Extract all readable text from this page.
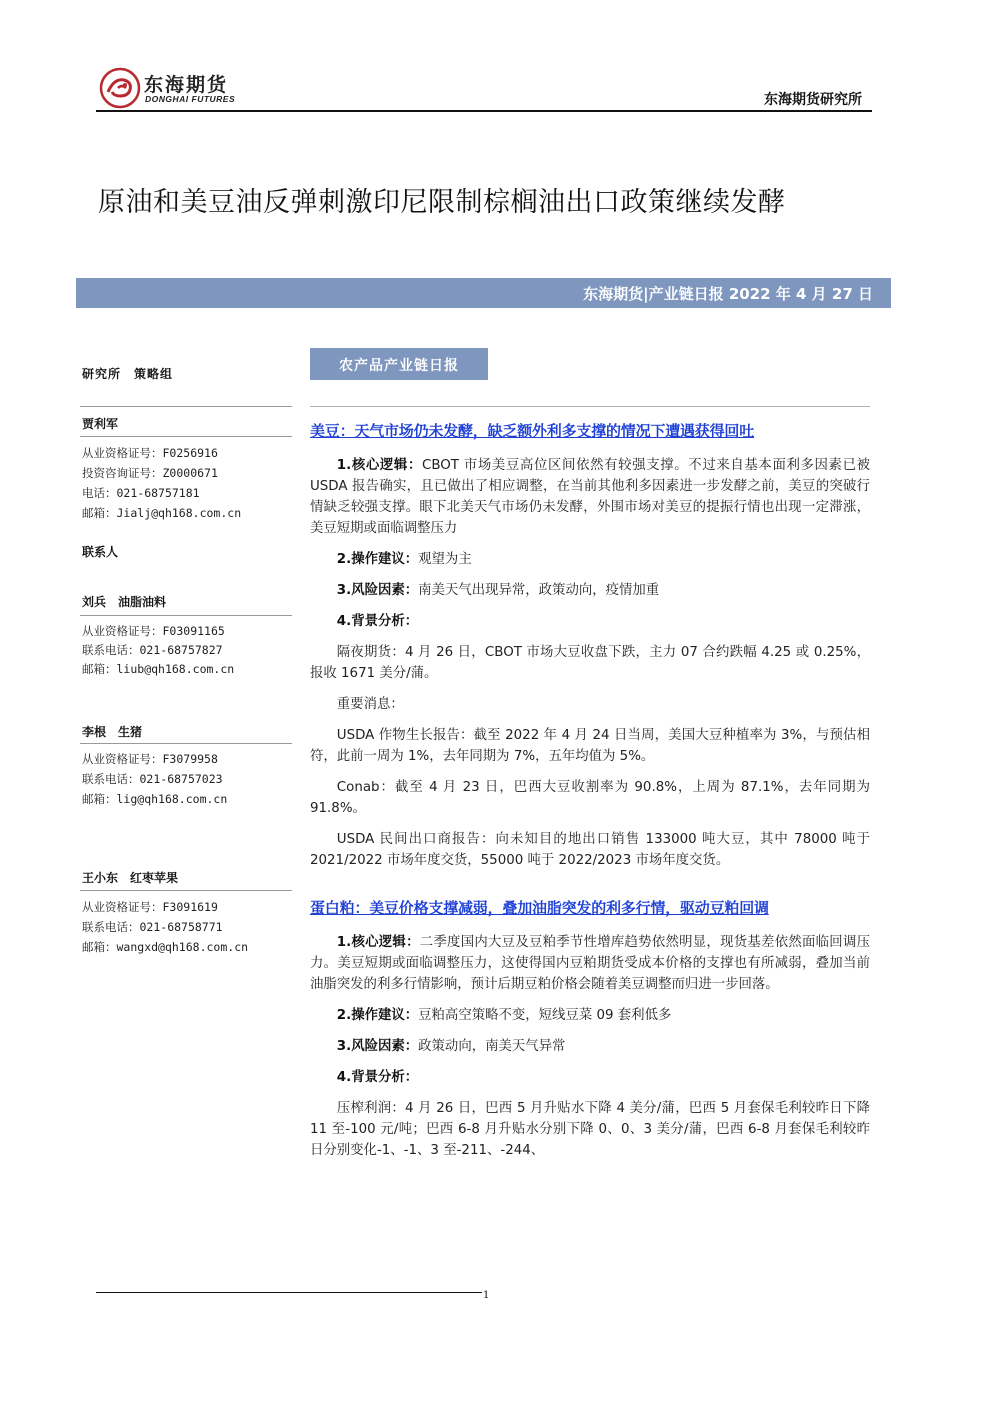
东海期货
DONGHAI FUTURES	东海期货研究所
原油和美豆油反弹刺激印尼限制棕榈油出口政策继续发酵
东海期货|产业链日报 2022 年 4 月 27 日
研究所　策略组
贾利军
从业资格证号：F0256916
投资咨询证号：Z0000671
电话：021-68757181
邮箱：Jialj@qh168.com.cn
联系人
刘兵　油脂油料
从业资格证号：F03091165
联系电话：021-68757827
邮箱：liub@qh168.com.cn
李根　生猪
从业资格证号：F3079958
联系电话：021-68757023
邮箱：lig@qh168.com.cn
王小东　红枣苹果
从业资格证号：F3091619
联系电话：021-68758771
邮箱：wangxd@qh168.com.cn
农产品产业链日报
美豆：天气市场仍未发酵，缺乏额外利多支撑的情况下遭遇获得回吐

1.核心逻辑：CBOT 市场美豆高位区间依然有较强支撑。不过来自基本面利多因素已被 USDA 报告确实，且已做出了相应调整，在当前其他利多因素进一步发酵之前，美豆的突破行情缺乏较强支撑。眼下北美天气市场仍未发酵，外围市场对美豆的提振行情也出现一定滞涨，美豆短期或面临调整压力

2.操作建议：观望为主

3.风险因素：南美天气出现异常，政策动向，疫情加重

4.背景分析：

隔夜期货：4 月 26 日，CBOT 市场大豆收盘下跌，主力 07 合约跌幅 4.25 或 0.25%，报收 1671 美分/蒲。

重要消息：

USDA 作物生长报告：截至 2022 年 4 月 24 日当周，美国大豆种植率为 3%，与预估相符，此前一周为 1%，去年同期为 7%，五年均值为 5%。

Conab：截至 4 月 23 日，巴西大豆收割率为 90.8%，上周为 87.1%，去年同期为 91.8%。

USDA 民间出口商报告：向未知目的地出口销售 133000 吨大豆，其中 78000 吨于 2021/2022 市场年度交货，55000 吨于 2022/2023 市场年度交货。

蛋白粕：美豆价格支撑减弱，叠加油脂突发的利多行情，驱动豆粕回调

1.核心逻辑：二季度国内大豆及豆粕季节性增库趋势依然明显，现货基差依然面临回调压力。美豆短期或面临调整压力，这使得国内豆粕期货受成本价格的支撑也有所减弱，叠加当前油脂突发的利多行情影响，预计后期豆粕价格会随着美豆调整而归进一步回落。

2.操作建议：豆粕高空策略不变，短线豆菜 09 套利低多

3.风险因素：政策动向，南美天气异常

4.背景分析：

压榨利润：4 月 26 日，巴西 5 月升贴水下降 4 美分/蒲，巴西 5 月套保毛利较昨日下降 11 至-100 元/吨；巴西 6-8 月升贴水分别下降 0、0、3 美分/蒲，巴西 6-8 月套保毛利较昨日分别变化-1、-1、3 至-211、-244、

1
